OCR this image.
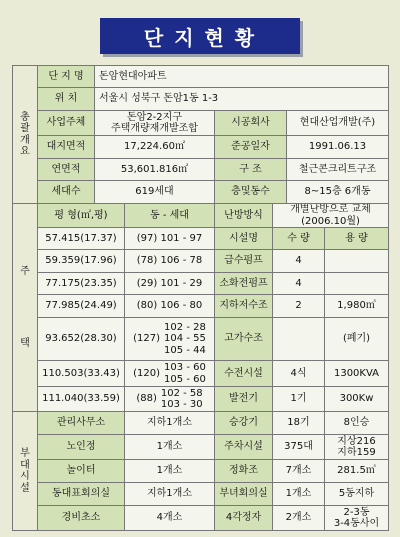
단 지 현 황
총
괄
개
요	단 지 명	돈암현대아파트		
	위 치	서울시 성북구 돈암1동 1-3		
	사업주체	돈암2-2지구
주택개량재개발조합	시공회사	현대산업개발(주)
	대지면적	17,224.60㎡	준공일자	1991.06.13
	연면적	53,601.816㎡	구 조	철근콘크리트구조
	세대수	619세대	층및동수	8~15층 6개동
주
택	평 형(㎡,평)	동 - 세대	난방방식	개별난방으로 교체
(2006.10월)	

	57.415(17.37)	(97) 101 - 97	시설명	수 량	용 량
	59.359(17.96)	(78) 106 - 78	급수펌프	4	
	77.175(23.35)	(29) 101 - 29	소화전펌프	4	
	77.985(24.49)	(80) 106 - 80	지하저수조	2	1,980㎥
	93.652(28.30)	(127)
102 - 28
104 - 55
105 - 44	고가수조		(폐기)
	110.503(33.43)	(120)
103 - 60
105 - 60	수전시설	4식	1300KVA
	111.040(33.59)	(88)
102 - 58
103 - 30	발전기	1기	300Kw
부
대
시
설	관리사무소	지하1개소	승강기	18기	8인승
	노인정	1개소	주차시설	375대	지상216
지하159

	놀이터	1개소	정화조	7개소	281.5㎥
	동대표회의실	지하1개소	부녀회의실	1개소	5동지하
	경비초소	4개소	4각정자	2개소	2-3동
3-4동사이
